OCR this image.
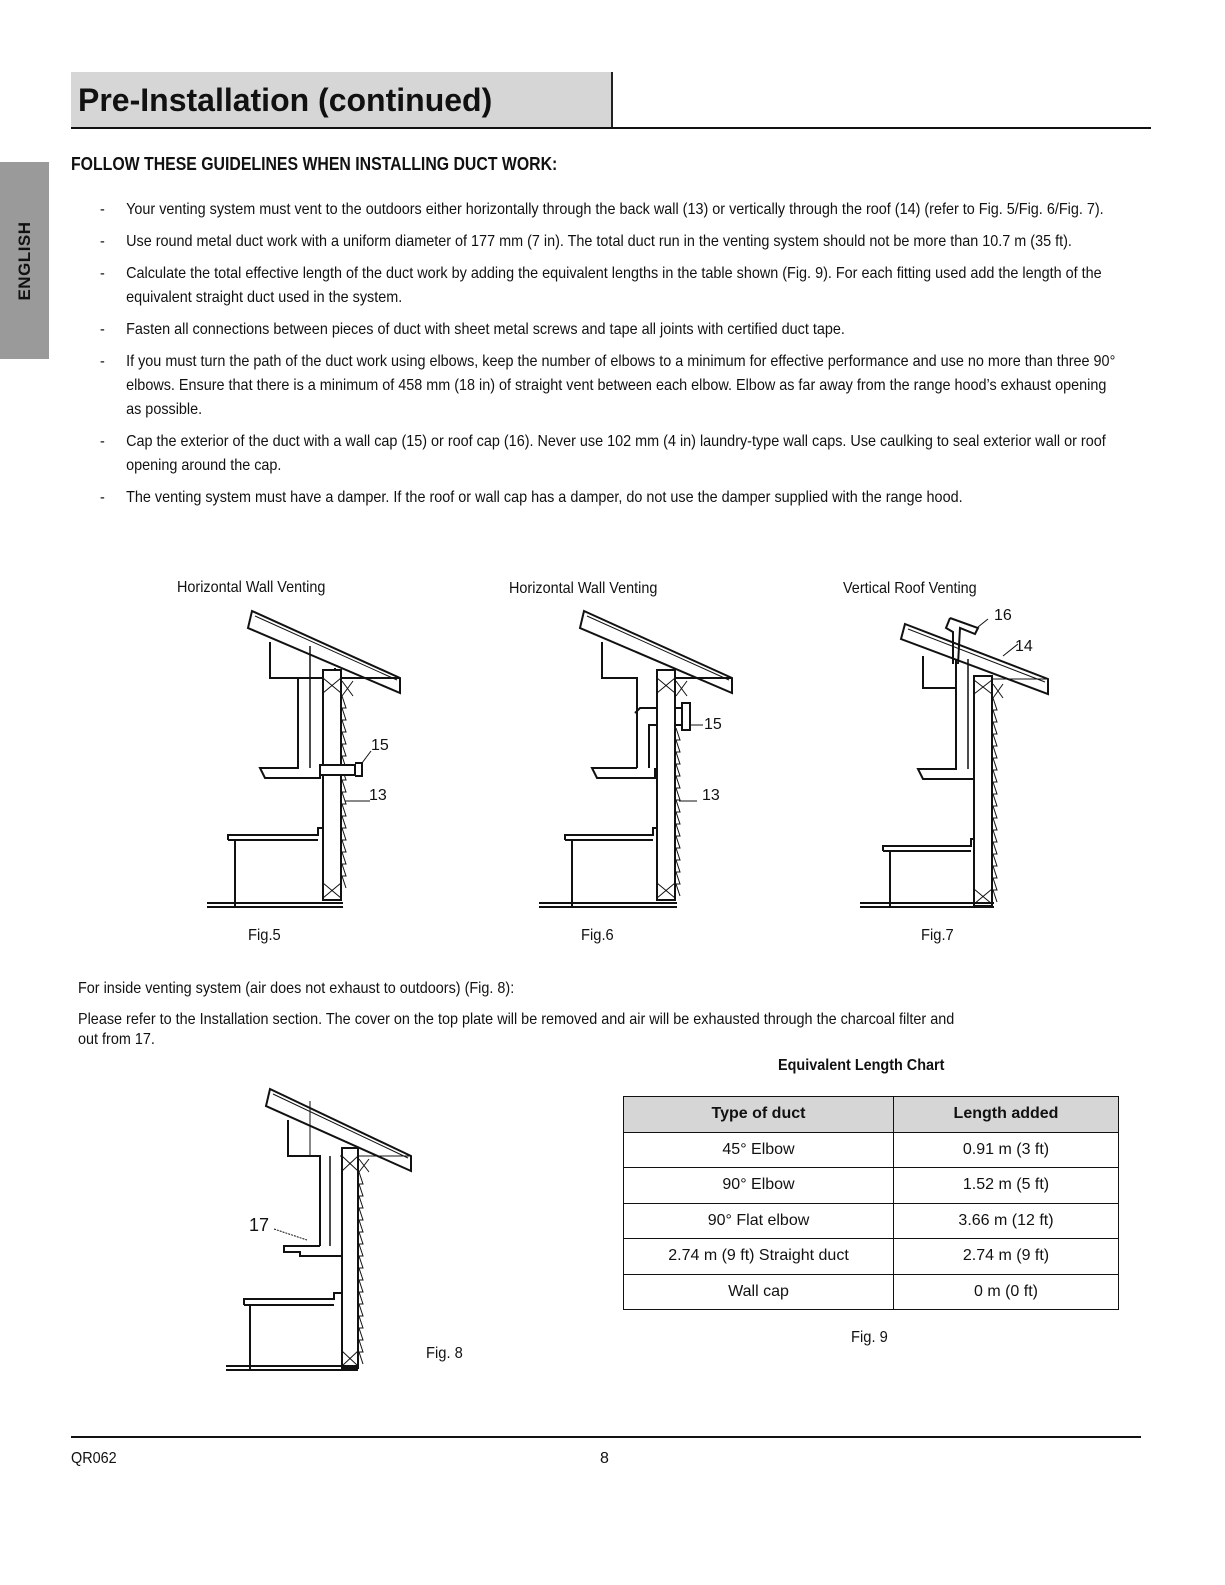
ENGLISH
Pre-Installation (continued)
FOLLOW THESE GUIDELINES WHEN INSTALLING DUCT WORK:
- Your venting system must vent to the outdoors either horizontally through the back wall (13) or vertically through the roof (14) (refer to Fig. 5/Fig. 6/Fig. 7).
- Use round metal duct work with a uniform diameter of 177 mm (7 in). The total duct run in the venting system should not be more than 10.7 m (35 ft).
- Calculate the total effective length of the duct work by adding the equivalent lengths in the table shown (Fig. 9). For each fitting used add the length of the equivalent straight duct used in the system.
- Fasten all connections between pieces of duct with sheet metal screws and tape all joints with certified duct tape.
- If you must turn the path of the duct work using elbows, keep the number of elbows to a minimum for effective performance and use no more than three 90° elbows. Ensure that there is a minimum of 458 mm (18 in) of straight vent between each elbow. Elbow as far away from the range hood’s exhaust opening as possible.
- Cap the exterior of the duct with a wall cap (15) or roof cap (16). Never use 102 mm (4 in) laundry-type wall caps. Use caulking to seal exterior wall or roof opening around the cap.
- The venting system must have a damper. If the roof or wall cap has a damper, do not use the damper supplied with the range hood.
Horizontal Wall Venting
15
13
Fig.5
Horizontal Wall Venting
15
13
Fig.6
Vertical Roof Venting
16
14
Fig.7
For inside venting system (air does not exhaust to outdoors) (Fig. 8):
Please refer to the Installation section. The cover on the top plate will be removed and air will be exhausted through the charcoal filter and
out from 17.
17
Fig. 8
Equivalent Length Chart
Type of duct	Length added
45° Elbow	0.91 m (3 ft)
90° Elbow	1.52 m (5 ft)
90° Flat elbow	3.66 m (12 ft)
2.74 m (9 ft) Straight duct	2.74 m (9 ft)
Wall cap	0 m (0 ft)
Fig. 9
QR062	8
